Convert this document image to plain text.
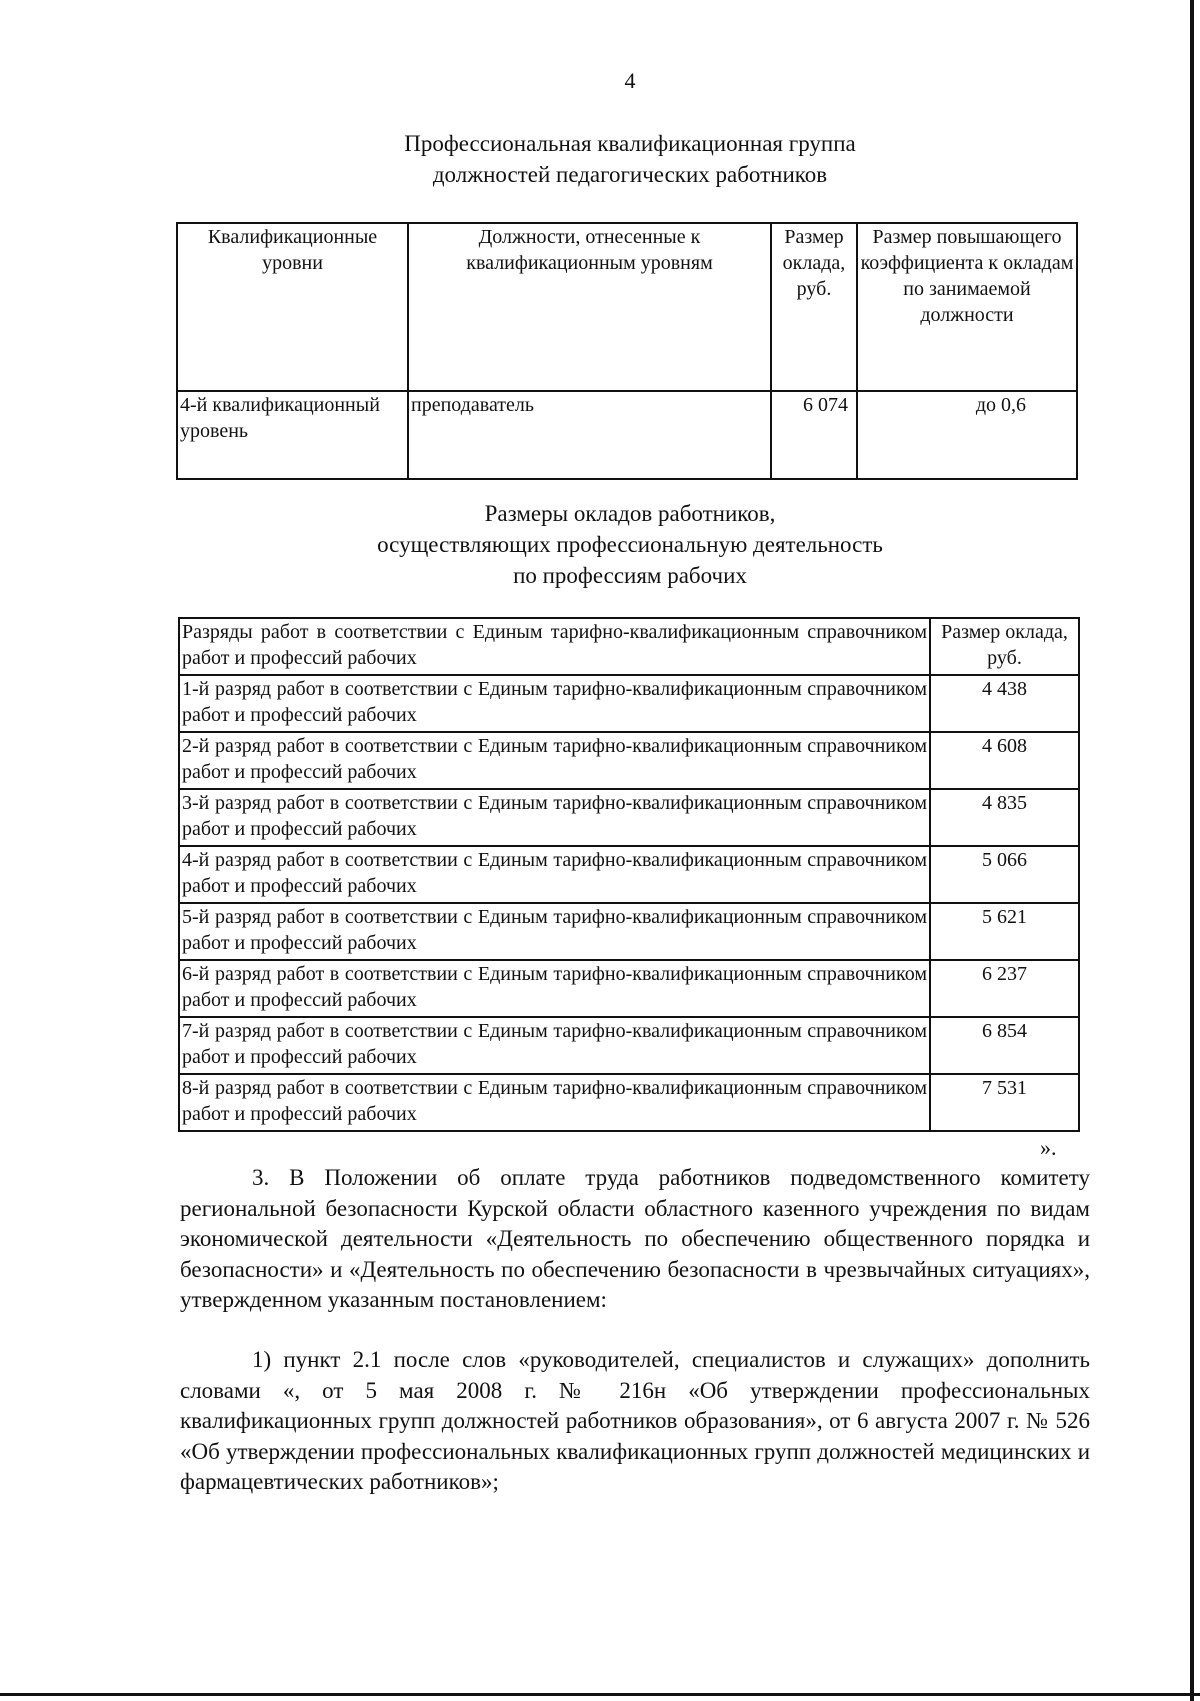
4
Профессиональная квалификационная группа
должностей педагогических работников
Квалификационные уровни	Должности, отнесенные к квалификационным уровням	Размер оклада, руб.	Размер повышающего коэффициента к окладам по занимаемой должности
4-й квалификационный уровень	преподаватель	6 074	до 0,6
Размеры окладов работников,
осуществляющих профессиональную деятельность
по профессиям рабочих
Разряды работ в соответствии с Единым тарифно-квалификационным справочником работ и профессий рабочих	Размер оклада, руб.
1-й разряд работ в соответствии с Единым тарифно-квалификационным справочником работ и профессий рабочих	4 438
2-й разряд работ в соответствии с Единым тарифно-квалификационным справочником работ и профессий рабочих	4 608
3-й разряд работ в соответствии с Единым тарифно-квалификационным справочником работ и профессий рабочих	4 835
4-й разряд работ в соответствии с Единым тарифно-квалификационным справочником работ и профессий рабочих	5 066
5-й разряд работ в соответствии с Единым тарифно-квалификационным справочником работ и профессий рабочих	5 621
6-й разряд работ в соответствии с Единым тарифно-квалификационным справочником работ и профессий рабочих	6 237
7-й разряд работ в соответствии с Единым тарифно-квалификационным справочником работ и профессий рабочих	6 854
8-й разряд работ в соответствии с Единым тарифно-квалификационным справочником работ и профессий рабочих	7 531
».
3. В Положении об оплате труда работников подведомственного комитету региональной безопасности Курской области областного казенного учреждения по видам экономической деятельности «Деятельность по обеспечению общественного порядка и безопасности» и «Деятельность по обеспечению безопасности в чрезвычайных ситуациях», утвержденном указанным постановлением:
1) пункт 2.1 после слов «руководителей, специалистов и служащих» дополнить словами «, от 5 мая 2008 г. № 216н «Об утверждении профессиональных квалификационных групп должностей работников образования», от 6 августа 2007 г. № 526 «Об утверждении профессиональных квалификационных групп должностей медицинских и фармацевтических работников»;
